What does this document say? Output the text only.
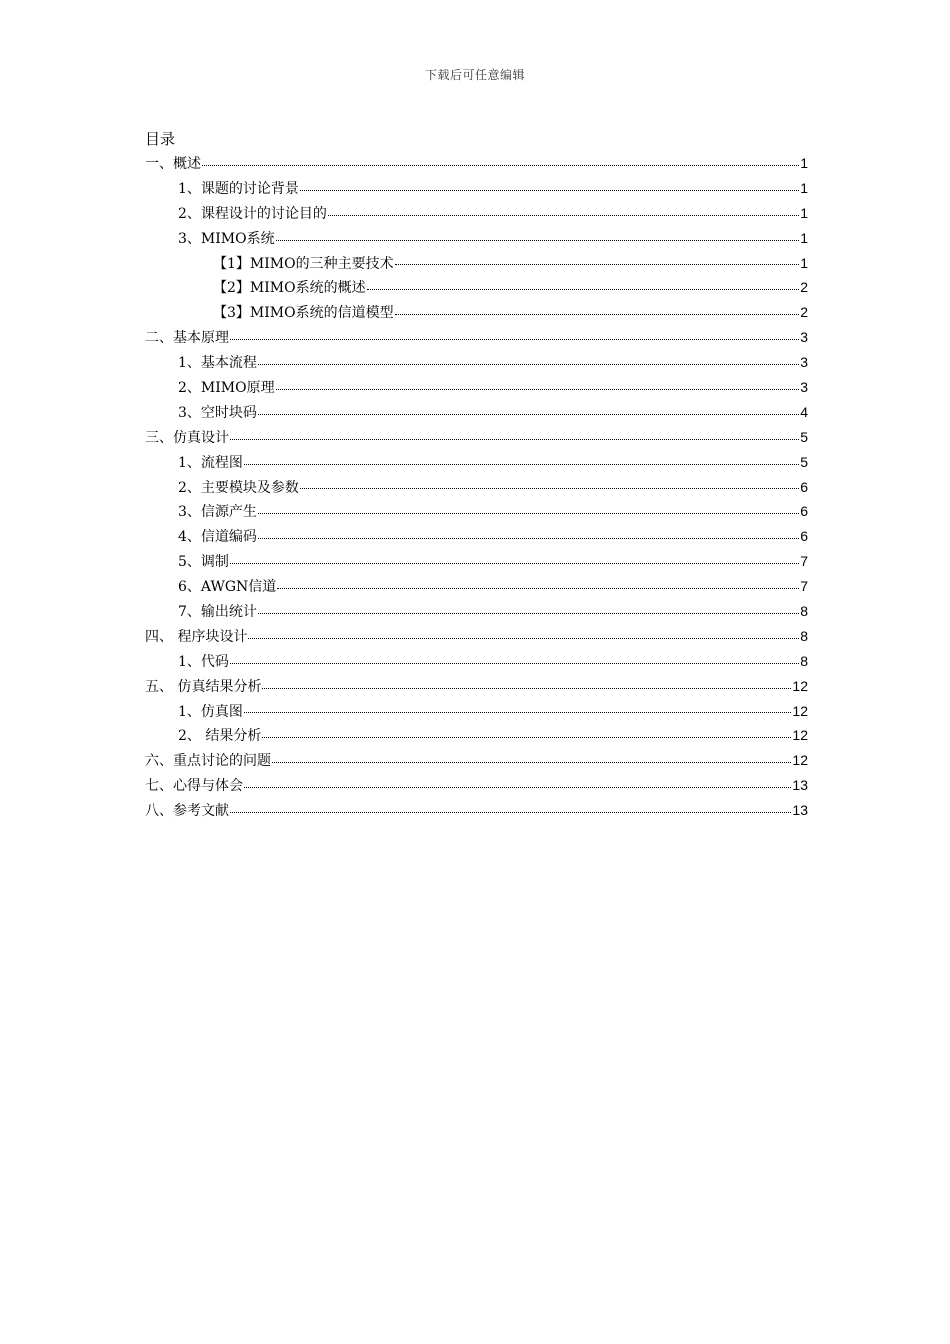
下载后可任意编辑
目录
一、概述	1
1、课题的讨论背景	1
2、课程设计的讨论目的	1
3、MIMO系统	1
【1】MIMO的三种主要技术	1
【2】MIMO系统的概述	2
【3】MIMO系统的信道模型	2
二、基本原理	3
1、基本流程	3
2、MIMO原理	3
3、空时块码	4
三、仿真设计	5
1、流程图	5
2、主要模块及参数	6
3、信源产生	6
4、信道编码	6
5、调制	7
6、AWGN信道	7
7、输出统计	8
四、 程序块设计	8
1、代码	8
五、 仿真结果分析	12
1、仿真图	12
2、 结果分析	12
六、重点讨论的问题	12
七、心得与体会	13
八、参考文献	13
